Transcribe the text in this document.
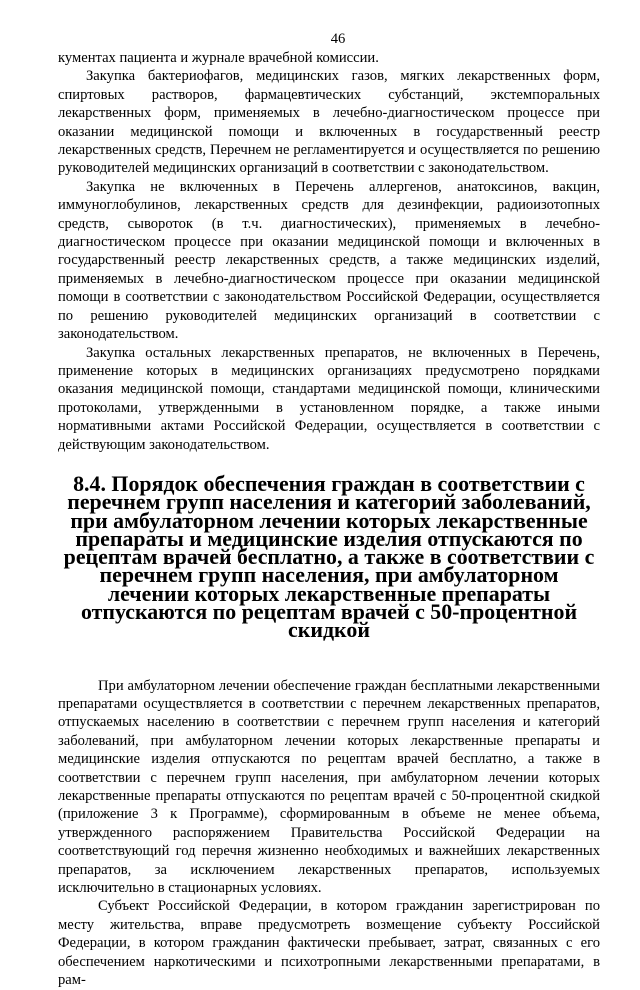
46

кументах пациента и журнале врачебной комиссии.

Закупка бактериофагов, медицинских газов, мягких лекарственных форм, спиртовых растворов, фармацевтических субстанций, экстемпоральных лекарственных форм, применяемых в лечебно-диагностическом процессе при оказании медицинской помощи и включенных в государственный реестр лекарственных средств, Перечнем не регламентируется и осуществляется по решению руководителей медицинских организаций в соответствии с законодательством.

Закупка не включенных в Перечень аллергенов, анатоксинов, вакцин, иммуноглобулинов, лекарственных средств для дезинфекции, радиоизотопных средств, сывороток (в т.ч. диагностических), применяемых в лечебно-диагностическом процессе при оказании медицинской помощи и включенных в государственный реестр лекарственных средств, а также медицинских изделий, применяемых в лечебно-диагностическом процессе при оказании медицинской помощи в соответствии с законодательством Российской Федерации, осуществляется по решению руководителей медицинских организаций в соответствии с законодательством.

Закупка остальных лекарственных препаратов, не включенных в Перечень, применение которых в медицинских организациях предусмотрено порядками оказания медицинской помощи, стандартами медицинской помощи, клиническими протоколами, утвержденными в установленном порядке, а также иными нормативными актами Российской Федерации, осуществляется в соответствии с действующим законодательством.

8.4. Порядок обеспечения граждан в соответствии с перечнем групп населения и категорий заболеваний, при амбулаторном лечении которых лекарственные препараты и медицинские изделия отпускаются по рецептам врачей бесплатно, а также в соответствии с перечнем групп населения, при амбулаторном лечении которых лекарственные препараты отпускаются по рецептам врачей с 50-процентной скидкой

При амбулаторном лечении обеспечение граждан бесплатными лекарственными препаратами осуществляется в соответствии с перечнем лекарственных препаратов, отпускаемых населению в соответствии с перечнем групп населения и категорий заболеваний, при амбулаторном лечении которых лекарственные препараты и медицинские изделия отпускаются по рецептам врачей бесплатно, а также в соответствии с перечнем групп населения, при амбулаторном лечении которых лекарственные препараты отпускаются по рецептам врачей с 50-процентной скидкой (приложение 3 к Программе), сформированным в объеме не менее объема, утвержденного распоряжением Правительства Российской Федерации на соответствующий год перечня жизненно необходимых и важнейших лекарственных препаратов, за исключением лекарственных препаратов, используемых исключительно в стационарных условиях.

Субъект Российской Федерации, в котором гражданин зарегистрирован по месту жительства, вправе предусмотреть возмещение субъекту Российской Федерации, в котором гражданин фактически пребывает, затрат, связанных с его обеспечением наркотическими и психотропными лекарственными препаратами, в рам-
